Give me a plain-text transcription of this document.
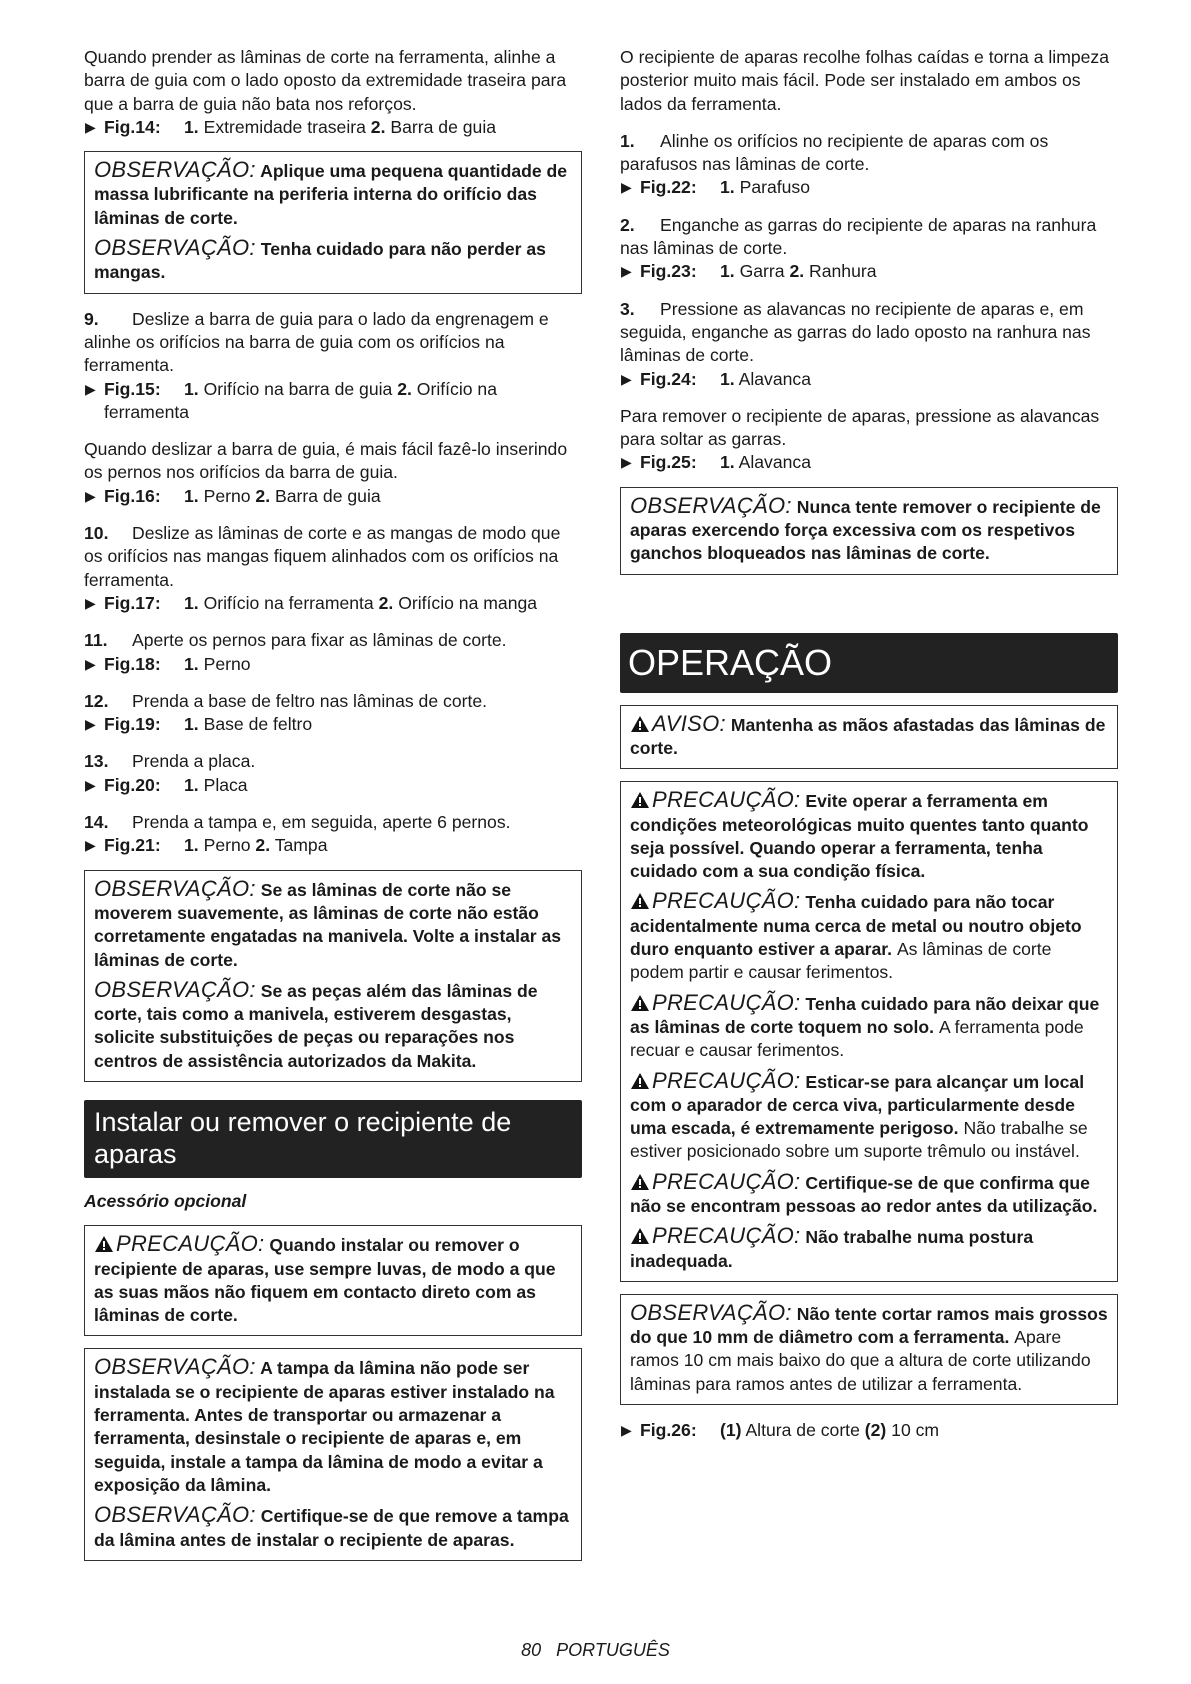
Quando prender as lâminas de corte na ferramenta, alinhe a barra de guia com o lado oposto da extremidade traseira para que a barra de guia não bata nos reforços.

▶ Fig.14: 1. Extremidade traseira 2. Barra de guia

OBSERVAÇÃO: Aplique uma pequena quantidade de massa lubrificante na periferia interna do orifício das lâminas de corte.

OBSERVAÇÃO: Tenha cuidado para não perder as mangas.

9. Deslize a barra de guia para o lado da engrenagem e alinhe os orifícios na barra de guia com os orifícios na ferramenta.

▶ Fig.15: 1. Orifício na barra de guia 2. Orifício na ferramenta

Quando deslizar a barra de guia, é mais fácil fazê-lo inserindo os pernos nos orifícios da barra de guia.

▶ Fig.16: 1. Perno 2. Barra de guia

10. Deslize as lâminas de corte e as mangas de modo que os orifícios nas mangas fiquem alinhados com os orifícios na ferramenta.

▶ Fig.17: 1. Orifício na ferramenta 2. Orifício na manga

11. Aperte os pernos para fixar as lâminas de corte.

▶ Fig.18: 1. Perno

12. Prenda a base de feltro nas lâminas de corte.

▶ Fig.19: 1. Base de feltro

13. Prenda a placa.

▶ Fig.20: 1. Placa

14. Prenda a tampa e, em seguida, aperte 6 pernos.

▶ Fig.21: 1. Perno 2. Tampa

OBSERVAÇÃO: Se as lâminas de corte não se moverem suavemente, as lâminas de corte não estão corretamente engatadas na manivela. Volte a instalar as lâminas de corte.

OBSERVAÇÃO: Se as peças além das lâminas de corte, tais como a manivela, estiverem desgastas, solicite substituições de peças ou reparações nos centros de assistência autorizados da Makita.

Instalar ou remover o recipiente de aparas

Acessório opcional

PRECAUÇÃO: Quando instalar ou remover o recipiente de aparas, use sempre luvas, de modo a que as suas mãos não fiquem em contacto direto com as lâminas de corte.

OBSERVAÇÃO: A tampa da lâmina não pode ser instalada se o recipiente de aparas estiver instalado na ferramenta. Antes de transportar ou armazenar a ferramenta, desinstale o recipiente de aparas e, em seguida, instale a tampa da lâmina de modo a evitar a exposição da lâmina.

OBSERVAÇÃO: Certifique-se de que remove a tampa da lâmina antes de instalar o recipiente de aparas.

O recipiente de aparas recolhe folhas caídas e torna a limpeza posterior muito mais fácil. Pode ser instalado em ambos os lados da ferramenta.

1. Alinhe os orifícios no recipiente de aparas com os parafusos nas lâminas de corte.

▶ Fig.22: 1. Parafuso

2. Enganche as garras do recipiente de aparas na ranhura nas lâminas de corte.

▶ Fig.23: 1. Garra 2. Ranhura

3. Pressione as alavancas no recipiente de aparas e, em seguida, enganche as garras do lado oposto na ranhura nas lâminas de corte.

▶ Fig.24: 1. Alavanca

Para remover o recipiente de aparas, pressione as alavancas para soltar as garras.

▶ Fig.25: 1. Alavanca

OBSERVAÇÃO: Nunca tente remover o recipiente de aparas exercendo força excessiva com os respetivos ganchos bloqueados nas lâminas de corte.

OPERAÇÃO

AVISO: Mantenha as mãos afastadas das lâminas de corte.

PRECAUÇÃO: Evite operar a ferramenta em condições meteorológicas muito quentes tanto quanto seja possível. Quando operar a ferramenta, tenha cuidado com a sua condição física.

PRECAUÇÃO: Tenha cuidado para não tocar acidentalmente numa cerca de metal ou noutro objeto duro enquanto estiver a aparar. As lâminas de corte podem partir e causar ferimentos.

PRECAUÇÃO: Tenha cuidado para não deixar que as lâminas de corte toquem no solo. A ferramenta pode recuar e causar ferimentos.

PRECAUÇÃO: Esticar-se para alcançar um local com o aparador de cerca viva, particularmente desde uma escada, é extremamente perigoso. Não trabalhe se estiver posicionado sobre um suporte trêmulo ou instável.

PRECAUÇÃO: Certifique-se de que confirma que não se encontram pessoas ao redor antes da utilização.

PRECAUÇÃO: Não trabalhe numa postura inadequada.

OBSERVAÇÃO: Não tente cortar ramos mais grossos do que 10 mm de diâmetro com a ferramenta. Apare ramos 10 cm mais baixo do que a altura de corte utilizando lâminas para ramos antes de utilizar a ferramenta.

▶ Fig.26: (1) Altura de corte (2) 10 cm

80 PORTUGUÊS
